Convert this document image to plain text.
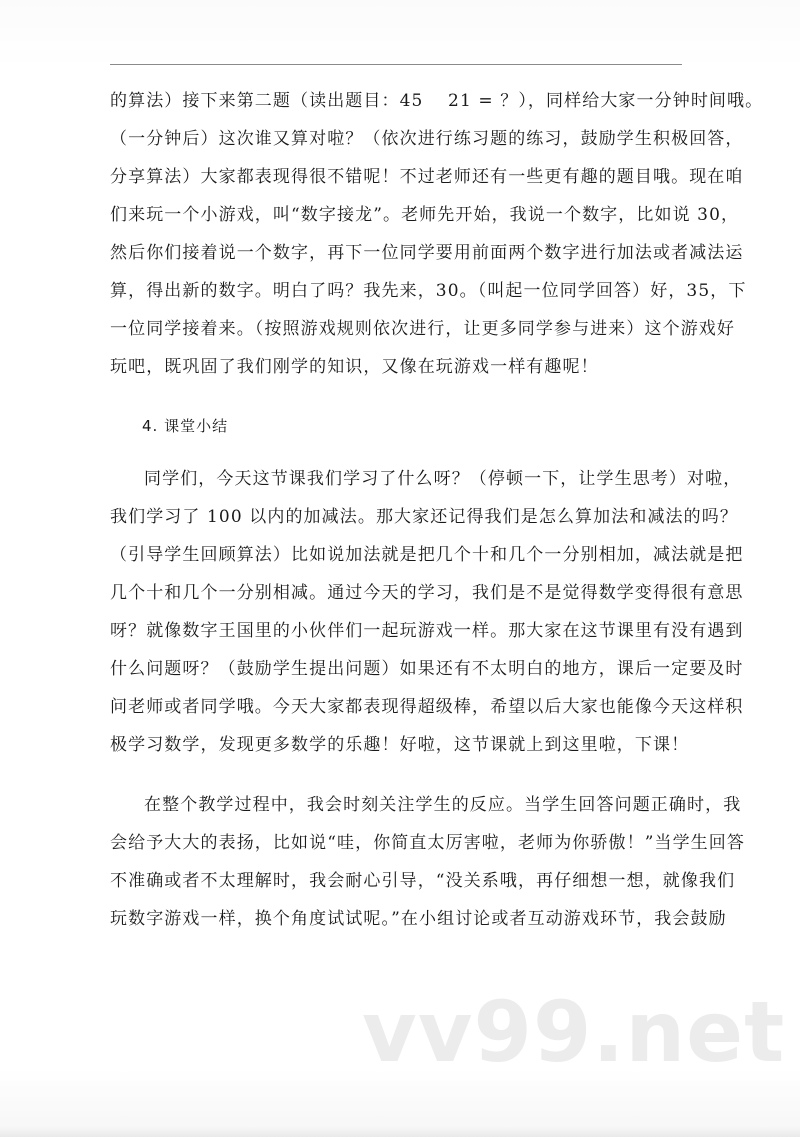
的算法）接下来第二题（读出题目：45　 21 = ？），同样给大家一分钟时间哦。
（一分钟后）这次谁又算对啦？（依次进行练习题的练习，鼓励学生积极回答，
分享算法）大家都表现得很不错呢！不过老师还有一些更有趣的题目哦。现在咱
们来玩一个小游戏，叫“数字接龙”。老师先开始，我说一个数字，比如说 30，
然后你们接着说一个数字，再下一位同学要用前面两个数字进行加法或者减法运
算，得出新的数字。明白了吗？我先来，30。（叫起一位同学回答）好，35，下
一位同学接着来。（按照游戏规则依次进行，让更多同学参与进来）这个游戏好
玩吧，既巩固了我们刚学的知识，又像在玩游戏一样有趣呢！
4. 课堂小结
同学们，今天这节课我们学习了什么呀？（停顿一下，让学生思考）对啦，
我们学习了 100 以内的加减法。那大家还记得我们是怎么算加法和减法的吗？
（引导学生回顾算法）比如说加法就是把几个十和几个一分别相加，减法就是把
几个十和几个一分别相减。通过今天的学习，我们是不是觉得数学变得很有意思
呀？就像数字王国里的小伙伴们一起玩游戏一样。那大家在这节课里有没有遇到
什么问题呀？（鼓励学生提出问题）如果还有不太明白的地方，课后一定要及时
问老师或者同学哦。今天大家都表现得超级棒，希望以后大家也能像今天这样积
极学习数学，发现更多数学的乐趣！好啦，这节课就上到这里啦，下课！
在整个教学过程中，我会时刻关注学生的反应。当学生回答问题正确时，我
会给予大大的表扬，比如说“哇，你简直太厉害啦，老师为你骄傲！”当学生回答
不准确或者不太理解时，我会耐心引导，“没关系哦，再仔细想一想，就像我们
玩数字游戏一样，换个角度试试呢。”在小组讨论或者互动游戏环节，我会鼓励
vv99.net
